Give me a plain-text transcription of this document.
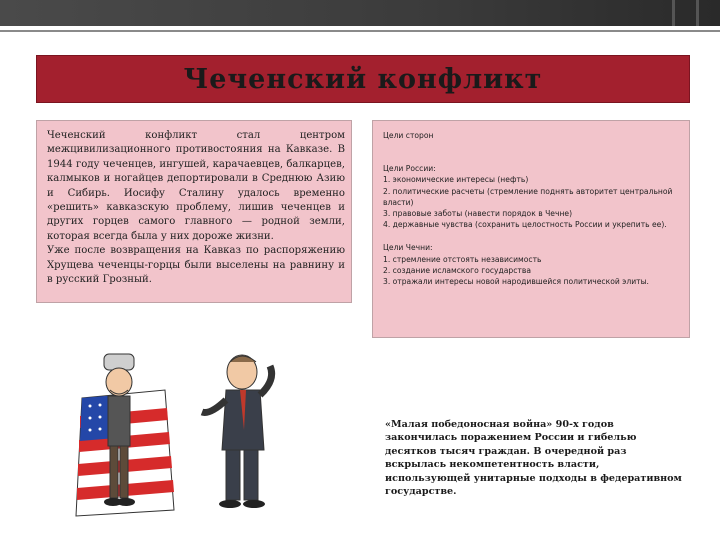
Чеченский конфликт

Чеченский конфликт стал центром межцивилизационного противостояния на Кавказе. В 1944 году чеченцев, ингушей, карачаевцев, балкарцев, калмыков и ногайцев депортировали в Среднюю Азию и Сибирь. Иосифу Сталину удалось временно «решить» кавказскую проблему, лишив чеченцев и других горцев самого главного — родной земли, которая всегда была у них дороже жизни.

Уже после возвращения на Кавказ по распоряжению Хрущева чеченцы-горцы были выселены на равнину и в русский Грозный.

Цели сторон
Цели России:
1. экономические интересы (нефть)
2. политические расчеты (стремление поднять авторитет центральной власти)
3. правовые заботы (навести порядок в Чечне)
4. державные чувства (сохранить целостность России и укрепить ее).
Цели Чечни:
1. стремление отстоять независимость
2. создание исламского государства
3. отражали интересы новой народившейся политической элиты.
«Малая победоносная война» 90-х годов закончилась поражением России и гибелью десятков тысяч граждан. В очередной раз вскрылась некомпетентность власти, использующей унитарные подходы в федеративном государстве.
